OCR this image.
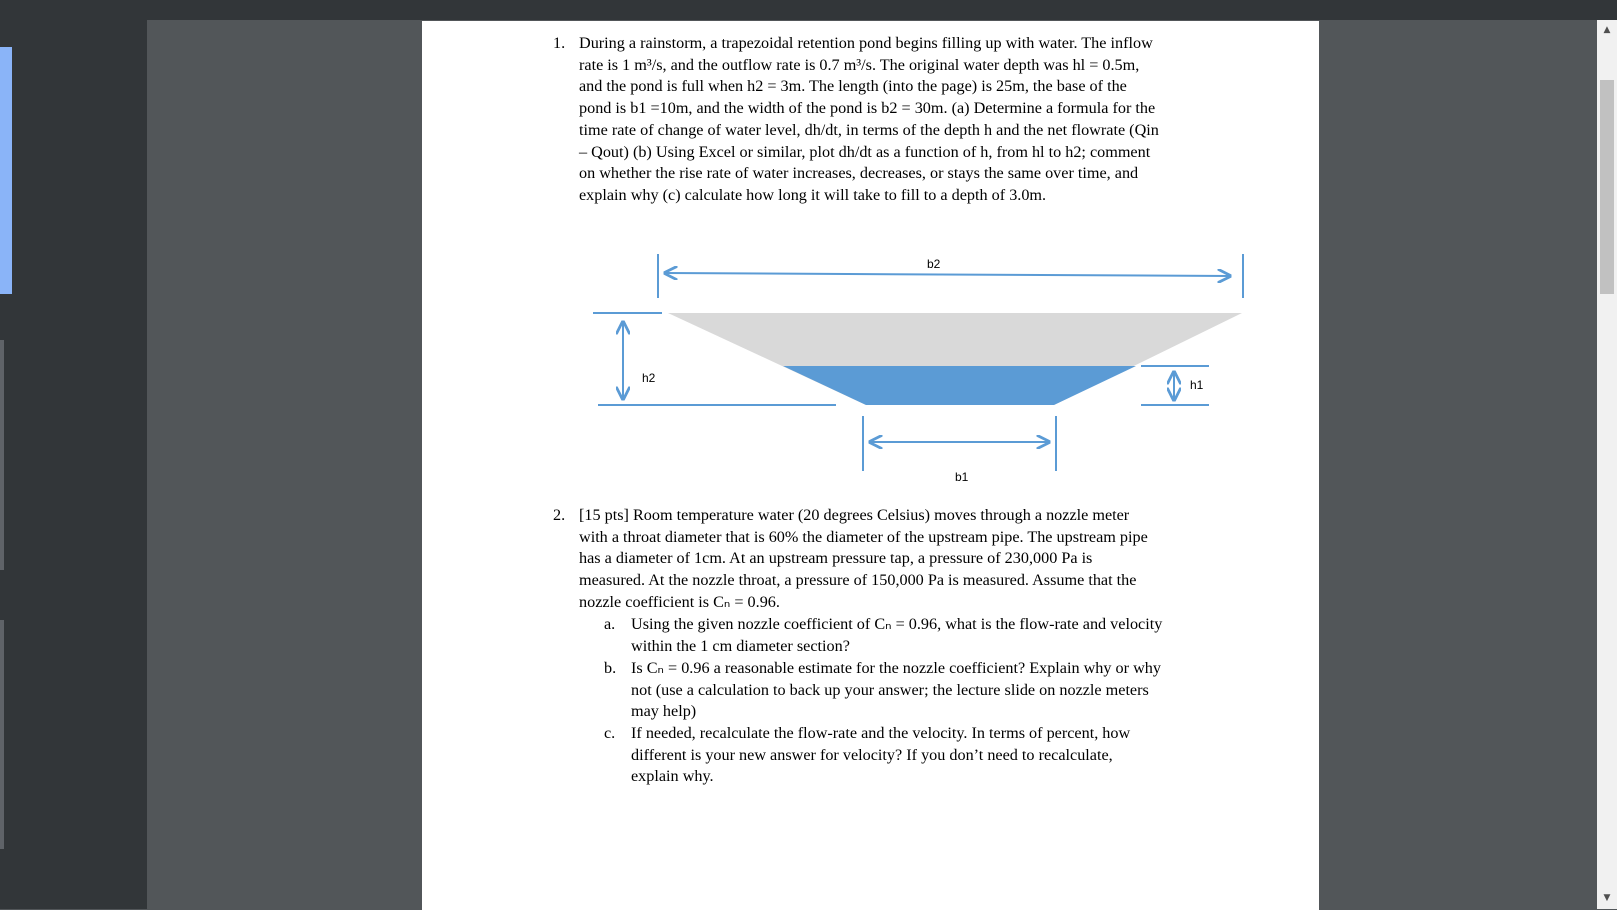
1. During a rainstorm, a trapezoidal retention pond begins filling up with water. The inflow
rate is 1 m³/s, and the outflow rate is 0.7 m³/s. The original water depth was hl = 0.5m,
and the pond is full when h2 = 3m. The length (into the page) is 25m, the base of the
pond is b1 =10m, and the width of the pond is b2 = 30m. (a) Determine a formula for the
time rate of change of water level, dh/dt, in terms of the depth h and the net flowrate (Qin
– Qout) (b) Using Excel or similar, plot dh/dt as a function of h, from hl to h2; comment
on whether the rise rate of water increases, decreases, or stays the same over time, and
explain why (c) calculate how long it will take to fill to a depth of 3.0m.
b2
h2	h1
b1
2. [15 pts] Room temperature water (20 degrees Celsius) moves through a nozzle meter
with a throat diameter that is 60% the diameter of the upstream pipe. The upstream pipe
has a diameter of 1cm. At an upstream pressure tap, a pressure of 230,000 Pa is
measured. At the nozzle throat, a pressure of 150,000 Pa is measured. Assume that the
nozzle coefficient is Cₙ = 0.96.
a. Using the given nozzle coefficient of Cₙ = 0.96, what is the flow-rate and velocity
within the 1 cm diameter section?
b. Is Cₙ = 0.96 a reasonable estimate for the nozzle coefficient? Explain why or why
not (use a calculation to back up your answer; the lecture slide on nozzle meters
may help)
c. If needed, recalculate the flow-rate and the velocity. In terms of percent, how
different is your new answer for velocity? If you don’t need to recalculate,
explain why.
▲
▼
